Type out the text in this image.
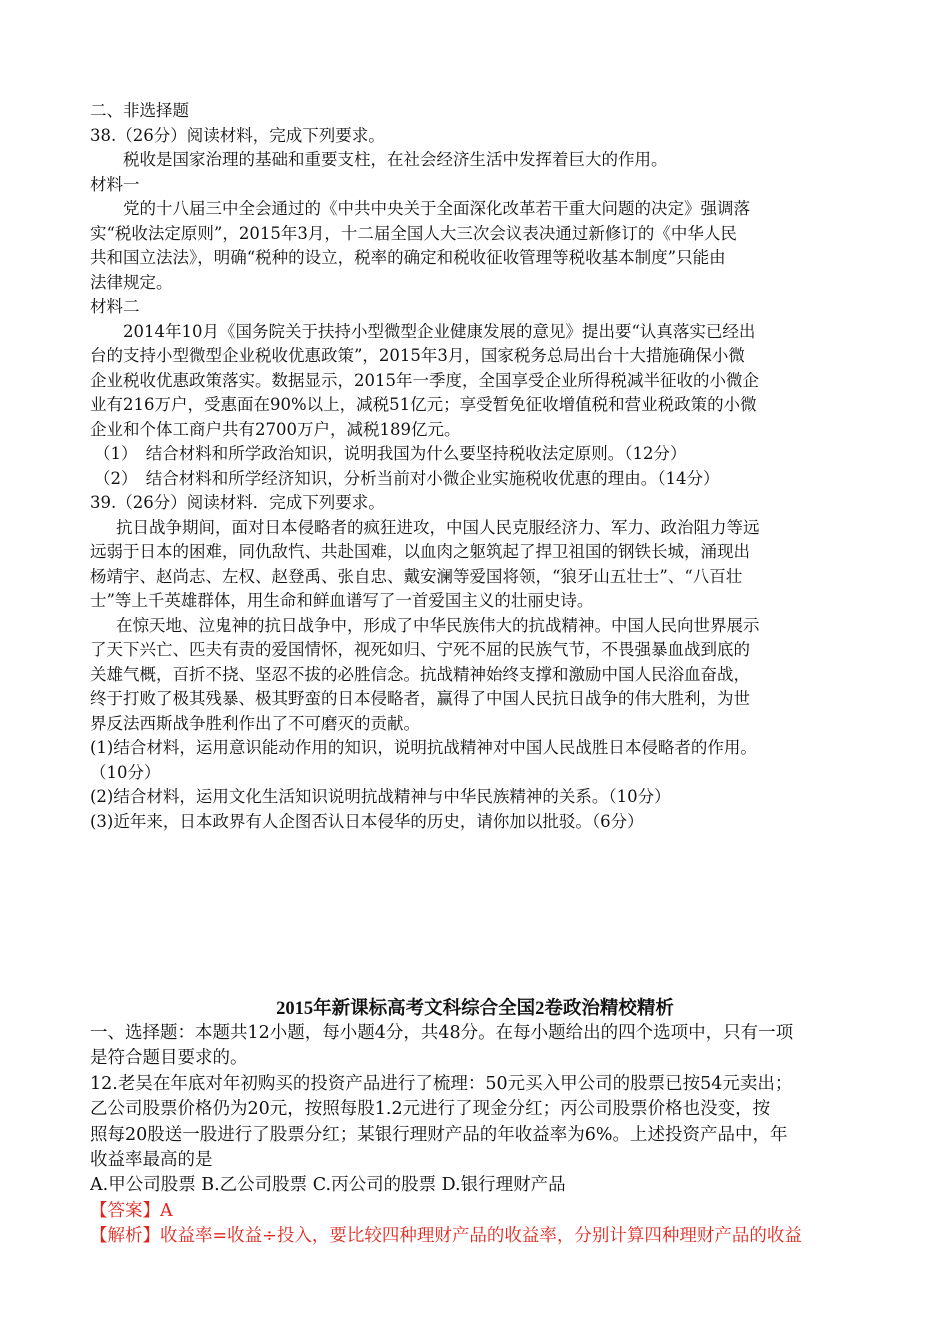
二、非选择题
38.（26分）阅读材料，完成下列要求。
税收是国家治理的基础和重要支柱，在社会经济生活中发挥着巨大的作用。
材料一
党的十八届三中全会通过的《中共中央关于全面深化改革若干重大问题的决定》强调落
实“税收法定原则”，2015年3月，十二届全国人大三次会议表决通过新修订的《中华人民
共和国立法法》，明确“税种的设立，税率的确定和税收征收管理等税收基本制度”只能由
法律规定。
材料二
2014年10月《国务院关于扶持小型微型企业健康发展的意见》提出要“认真落实已经出
台的支持小型微型企业税收优惠政策”，2015年3月，国家税务总局出台十大措施确保小微
企业税收优惠政策落实。数据显示，2015年一季度，全国享受企业所得税减半征收的小微企
业有216万户，受惠面在90%以上，减税51亿元；享受暂免征收增值税和营业税政策的小微
企业和个体工商户共有2700万户，减税189亿元。
（1）　结合材料和所学政治知识，说明我国为什么要坚持税收法定原则。（12分）
（2）　结合材料和所学经济知识，分析当前对小微企业实施税收优惠的理由。（14分）
39.（26分）阅读材料．完成下列要求。
抗日战争期间，面对日本侵略者的疯狂进攻，中国人民克服经济力、军力、政治阻力等远
远弱于日本的困难，同仇敌忾、共赴国难，以血肉之躯筑起了捍卫祖国的钢铁长城，涌现出
杨靖宇、赵尚志、左权、赵登禹、张自忠、戴安澜等爱国将领，“狼牙山五壮士”、“八百壮
士”等上千英雄群体，用生命和鲜血谱写了一首爱国主义的壮丽史诗。
在惊天地、泣鬼神的抗日战争中，形成了中华民族伟大的抗战精神。中国人民向世界展示
了天下兴亡、匹夫有责的爱国情怀，视死如归、宁死不屈的民族气节，不畏强暴血战到底的
关雄气概，百折不挠、坚忍不拔的必胜信念。抗战精神始终支撑和激励中国人民浴血奋战，
终于打败了极其残暴、极其野蛮的日本侵略者，赢得了中国人民抗日战争的伟大胜利，为世
界反法西斯战争胜利作出了不可磨灭的贡献。
(1)结合材料，运用意识能动作用的知识，说明抗战精神对中国人民战胜日本侵略者的作用。
（10分）
(2)结合材料，运用文化生活知识说明抗战精神与中华民族精神的关系。（10分）
(3)近年来，日本政界有人企图否认日本侵华的历史，请你加以批驳。（6分）
2015年新课标高考文科综合全国2卷政治精校精析
一、选择题：本题共12小题，每小题4分，共48分。在每小题给出的四个选项中，只有一项
是符合题目要求的。
12.老吴在年底对年初购买的投资产品进行了梳理：50元买入甲公司的股票已按54元卖出；
乙公司股票价格仍为20元，按照每股1.2元进行了现金分红；丙公司股票价格也没变，按
照每20股送一股进行了股票分红；某银行理财产品的年收益率为6%。上述投资产品中，年
收益率最高的是
A.甲公司股票 B.乙公司股票 C.丙公司的股票 D.银行理财产品
【答案】A
【解析】收益率=收益÷投入，要比较四种理财产品的收益率，分别计算四种理财产品的收益
